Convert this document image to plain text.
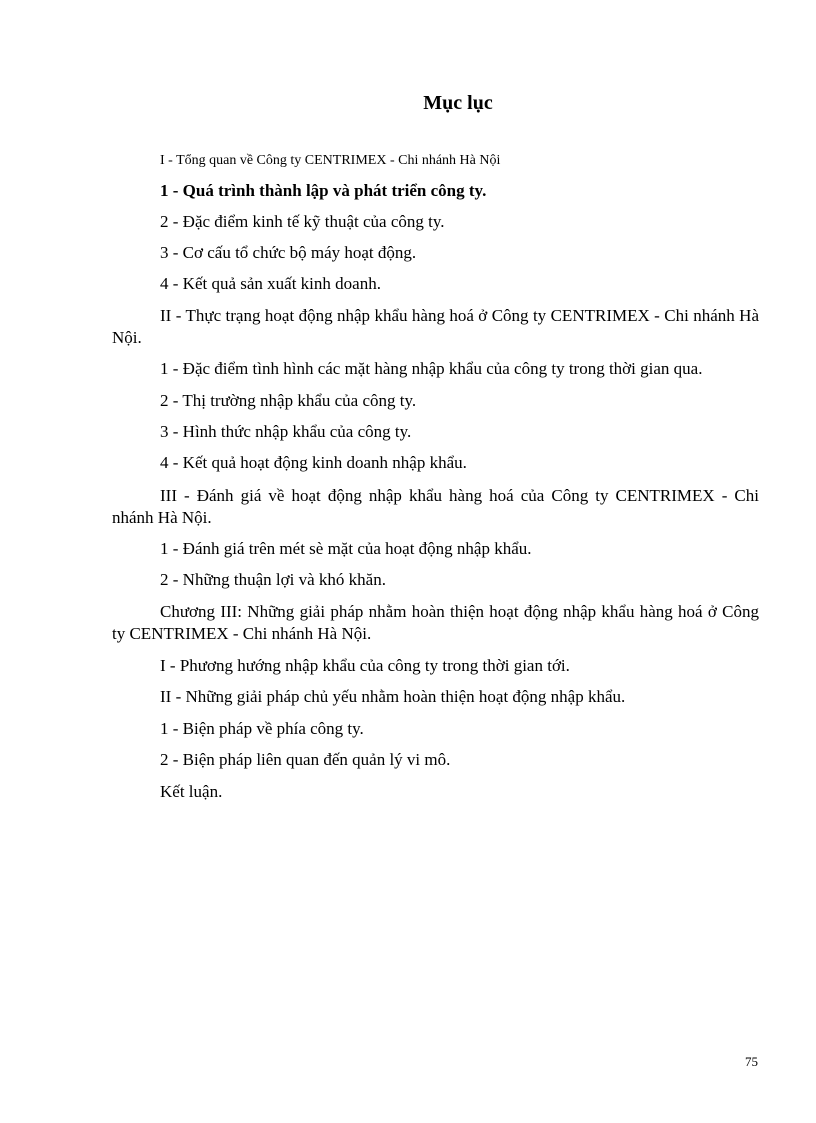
Mục lục
I - Tổng quan về Công ty CENTRIMEX - Chi nhánh Hà Nội
1 - Quá trình thành lập và phát triển công ty.
2 - Đặc điểm kinh tế kỹ thuật của công ty.
3 - Cơ cấu tổ chức bộ máy hoạt động.
4 - Kết quả sản xuất kinh doanh.
II - Thực trạng hoạt động nhập khẩu hàng hoá ở Công ty CENTRIMEX - Chi nhánh Hà Nội.
1 - Đặc điểm tình hình các mặt hàng nhập khẩu của công ty trong thời gian qua.
2 - Thị trường nhập khẩu của công ty.
3 - Hình thức nhập khẩu của công ty.
4 - Kết quả hoạt động kinh doanh nhập khẩu.
III - Đánh giá về hoạt động nhập khẩu hàng hoá của Công ty CENTRIMEX - Chi nhánh Hà Nội.
1 - Đánh giá trên mét sè mặt của hoạt động nhập khẩu.
2 - Những thuận lợi và khó khăn.
Chương III: Những giải pháp nhằm hoàn thiện hoạt động nhập khẩu hàng hoá ở Công ty CENTRIMEX - Chi nhánh Hà Nội.
I - Phương hướng nhập khẩu của công ty trong thời gian tới.
II - Những giải pháp chủ yếu nhằm hoàn thiện hoạt động nhập khẩu.
1 - Biện pháp về phía công ty.
2 - Biện pháp liên quan đến quản lý vi mô.
Kết luận.
75
